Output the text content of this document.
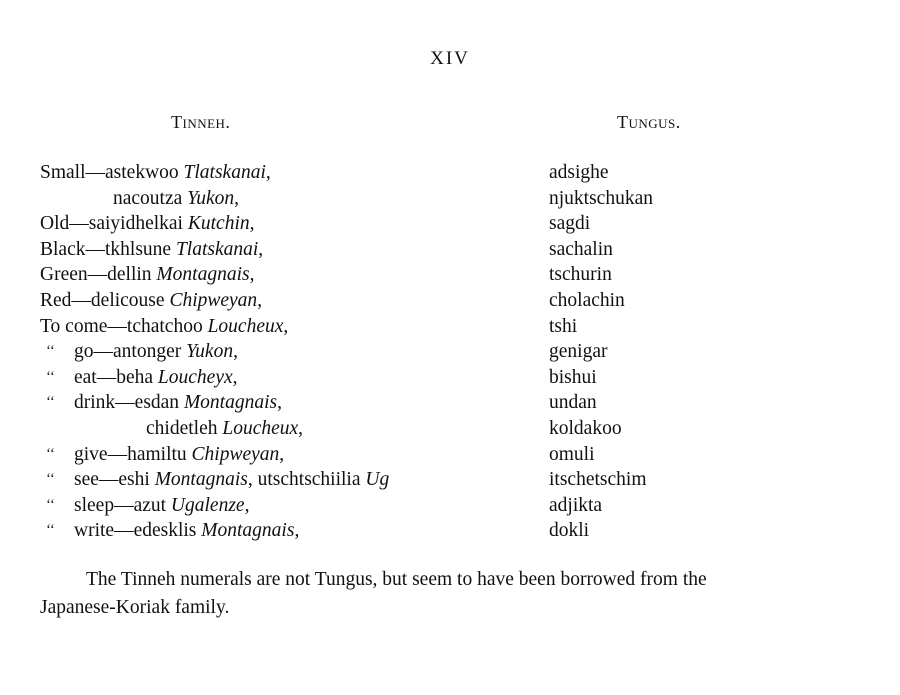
XIV
Tinneh.	Tungus.
Small—astekwoo Tlatskanai,	adsighe
nacoutza Yukon,	njuktschukan
Old—saiyidhelkai Kutchin,	sagdi
Black—tkhlsune Tlatskanai,	sachalin
Green—dellin Montagnais,	tschurin
Red—delicouse Chipweyan,	cholachin
To come—tchatchoo Loucheux,	tshi
‘‘ go—antonger Yukon,	genigar
‘‘ eat—beha Loucheyx,	bishui
‘‘ drink—esdan Montagnais,	undan
chidetleh Loucheux,	koldakoo
‘‘ give—hamiltu Chipweyan,	omuli
‘‘ see—eshi Montagnais, utschtschiilia Ug	itschetschim
‘‘ sleep—azut Ugalenze,	adjikta
‘‘ write—edesklis Montagnais,	dokli
The Tinneh numerals are not Tungus, but seem to have been borrowed from the
Japanese-Koriak family.
